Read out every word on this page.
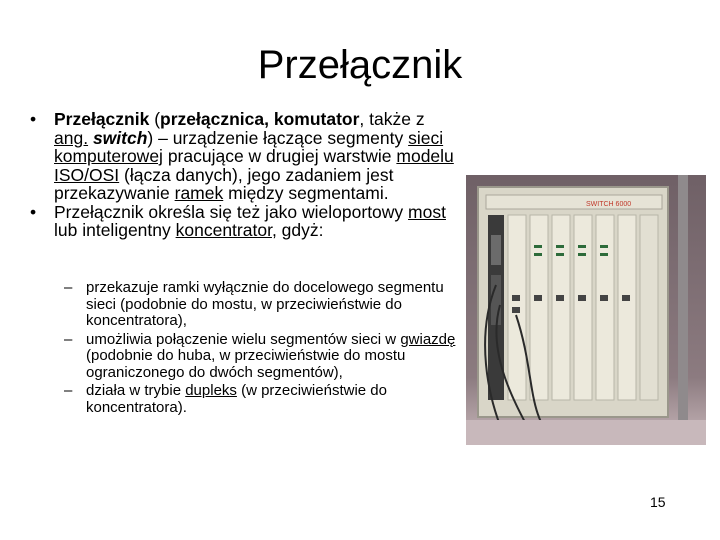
Przełącznik

• Przełącznik (przełącznica, komutator, także z ang. switch) – urządzenie łączące segmenty sieci komputerowej pracujące w drugiej warstwie modelu ISO/OSI (łącza danych), jego zadaniem jest przekazywanie ramek między segmentami.

• Przełącznik określa się też jako wieloportowy most lub inteligentny koncentrator, gdyż:

– przekazuje ramki wyłącznie do docelowego segmentu sieci (podobnie do mostu, w przeciwieństwie do koncentratora),
– umożliwia połączenie wielu segmentów sieci w gwiazdę (podobnie do huba, w przeciwieństwie do mostu ograniczonego do dwóch segmentów),
– działa w trybie dupleks (w przeciwieństwie do koncentratora).
SWITCH 6000
15
